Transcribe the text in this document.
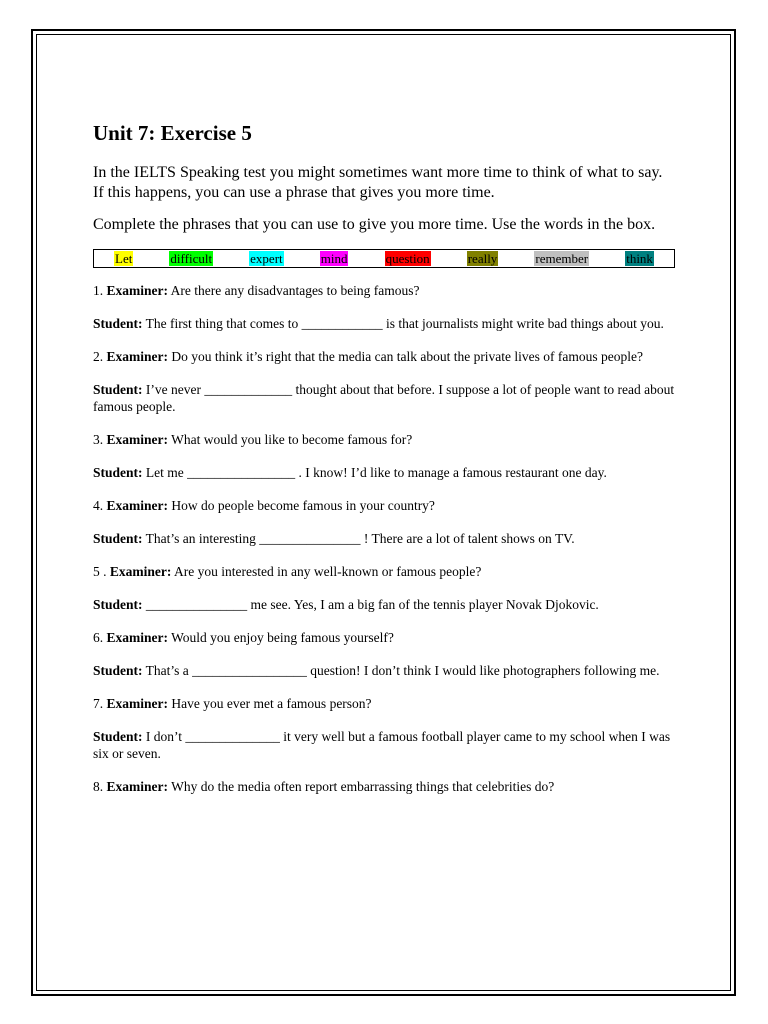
Unit 7: Exercise 5

In the IELTS Speaking test you might sometimes want more time to think of what to say. If this happens, you can use a phrase that gives you more time.

Complete the phrases that you can use to give you more time. Use the words in the box.

Let	difficult	expert	mind	question	really	remember	think

1. Examiner: Are there any disadvantages to being famous?

Student: The first thing that comes to ____________ is that journalists might write bad things about you.

2. Examiner: Do you think it’s right that the media can talk about the private lives of famous people?

Student: I’ve never _____________ thought about that before. I suppose a lot of people want to read about famous people.

3. Examiner: What would you like to become famous for?

Student: Let me ________________ . I know! I’d like to manage a famous restaurant one day.

4. Examiner: How do people become famous in your country?

Student: That’s an interesting _______________ ! There are a lot of talent shows on TV.

5 . Examiner: Are you interested in any well-known or famous people?

Student: _______________ me see. Yes, I am a big fan of the tennis player Novak Djokovic.

6. Examiner: Would you enjoy being famous yourself?

Student: That’s a _________________ question! I don’t think I would like photographers following me.

7. Examiner: Have you ever met a famous person?

Student: I don’t ______________ it very well but a famous football player came to my school when I was six or seven.

8. Examiner: Why do the media often report embarrassing things that celebrities do?
